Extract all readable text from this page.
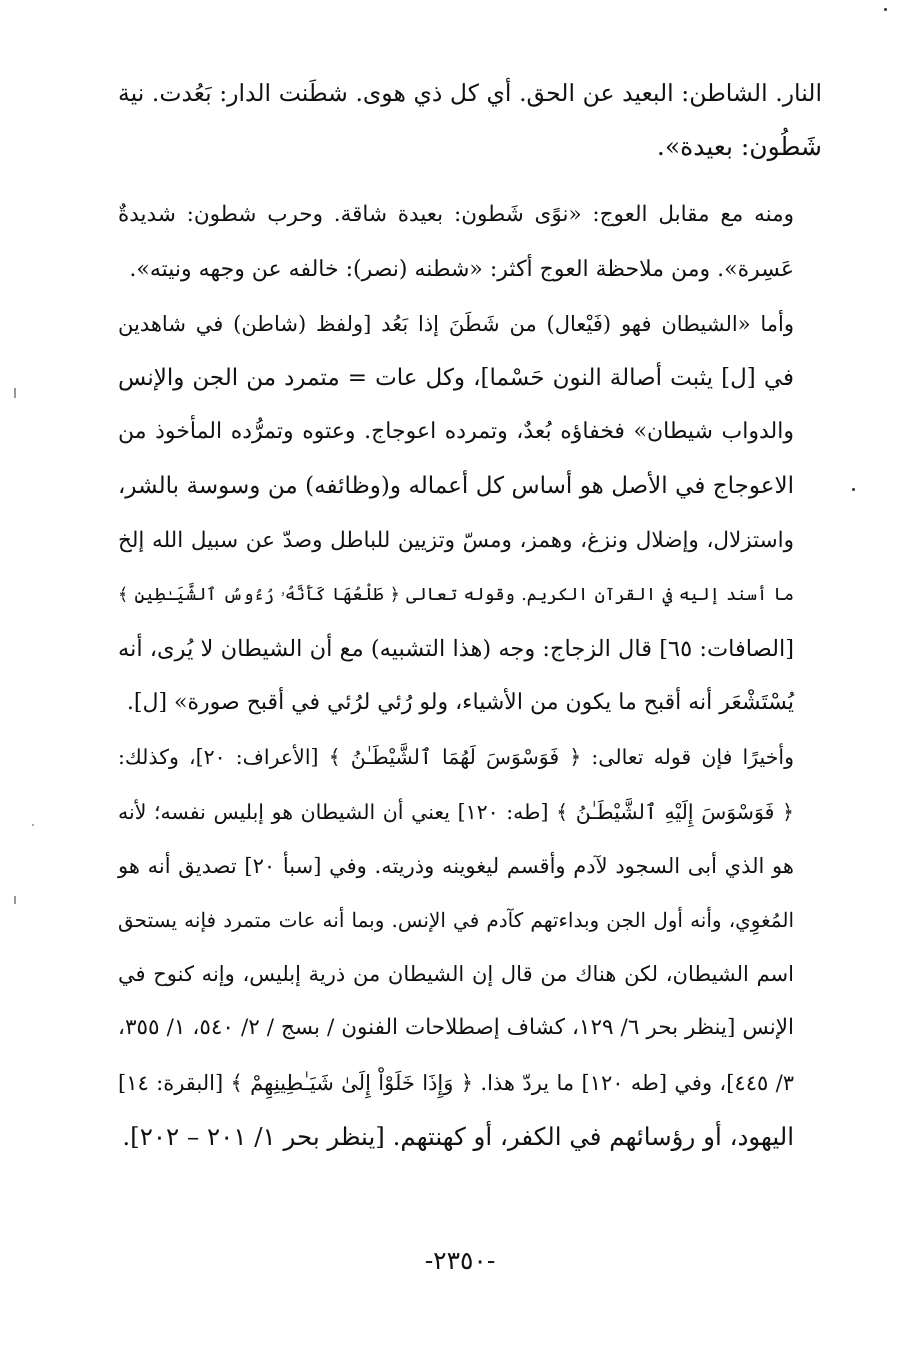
النار. الشاطن: البعيد عن الحق. أي كل ذي هوى. شطَنت الدار: بَعُدت. نية
شَطُون: بعيدة».

ومنه مع مقابل العوج: «نوًى شَطون: بعيدة شاقة. وحرب شطون: شديدةٌ
عَسِرة». ومن ملاحظة العوج أكثر: «شطنه (نصر): خالفه عن وجهه ونيته».

وأما «الشيطان فهو (فَيْعال) من شَطَنَ إذا بَعُد [ولفظ (شاطن) في شاهدين
في [ل] يثبت أصالة النون حَسْما]، وكل عات = متمرد من الجن والإنس
والدواب شيطان» فخفاؤه بُعدٌ، وتمرده اعوجاج. وعتوه وتمرُّده المأخوذ من
الاعوجاج في الأصل هو أساس كل أعماله و(وظائفه) من وسوسة بالشر،
واستزلال، وإضلال ونزغ، وهمز، ومسّ وتزيين للباطل وصدّ عن سبيل الله إلخ
ما أسند إليه في القرآن الكريم. وقوله تعالى ﴿ طَلْعُهَا كَأَنَّهُۥ رُءُوسُ ٱلشَّيَـٰطِينِ ﴾
[الصافات: ٦٥] قال الزجاج: وجه (هذا التشبيه) مع أن الشيطان لا يُرى، أنه
يُسْتَشْعَر أنه أقبح ما يكون من الأشياء، ولو رُئي لرُئي في أقبح صورة» [ل].

وأخيرًا فإن قوله تعالى: ﴿ فَوَسْوَسَ لَهُمَا ٱلشَّيْطَـٰنُ ﴾ [الأعراف: ٢٠]، وكذلك:
﴿ فَوَسْوَسَ إِلَيْهِ ٱلشَّيْطَـٰنُ ﴾ [طه: ١٢٠] يعني أن الشيطان هو إبليس نفسه؛ لأنه
هو الذي أبى السجود لآدم وأقسم ليغوينه وذريته. وفي [سبأ ٢٠] تصديق أنه هو
المُغوِي، وأنه أول الجن وبداءتهم كآدم في الإنس. وبما أنه عات متمرد فإنه يستحق
اسم الشيطان، لكن هناك من قال إن الشيطان من ذرية إبليس، وإنه كنوح في
الإنس [ينظر بحر ٦/ ١٢٩، كشاف إصطلاحات الفنون / بسج / ٢/ ٥٤٠، ١/ ٣٥٥،
٣/ ٤٤٥]، وفي [طه ١٢٠] ما يردّ هذا. ﴿ وَإِذَا خَلَوْاْ إِلَىٰ شَيَـٰطِينِهِمْ ﴾ [البقرة: ١٤]
اليهود، أو رؤسائهم في الكفر، أو كهنتهم. [ينظر بحر ١/ ٢٠١ – ٢٠٢].

-٢٣٥٠-
